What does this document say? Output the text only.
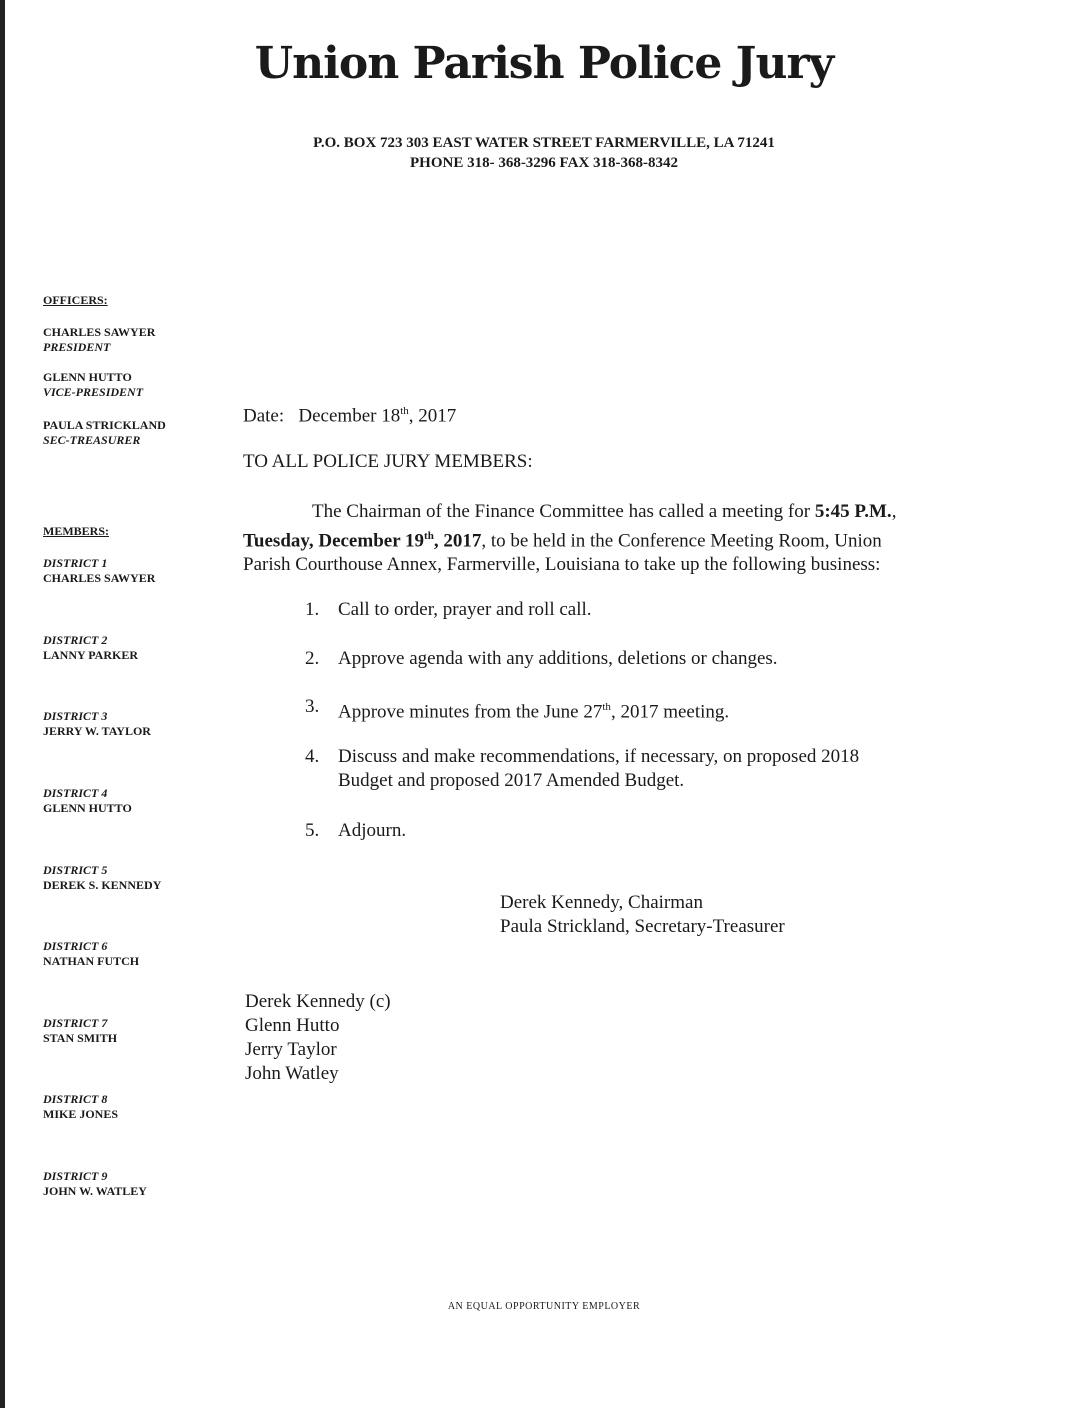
Union Parish Police Jury
P.O. BOX 723 303 EAST WATER STREET FARMERVILLE, LA 71241
PHONE 318- 368-3296 FAX 318-368-8342
OFFICERS:
CHARLES SAWYER
PRESIDENT
GLENN HUTTO
VICE-PRESIDENT
PAULA STRICKLAND
SEC-TREASURER
MEMBERS:
DISTRICT 1
CHARLES SAWYER
DISTRICT 2
LANNY PARKER
DISTRICT 3
JERRY W. TAYLOR
DISTRICT 4
GLENN HUTTO
DISTRICT 5
DEREK S. KENNEDY
DISTRICT 6
NATHAN FUTCH
DISTRICT 7
STAN SMITH
DISTRICT 8
MIKE JONES
DISTRICT 9
JOHN W. WATLEY
Date: December 18th, 2017
TO ALL POLICE JURY MEMBERS:
The Chairman of the Finance Committee has called a meeting for 5:45 P.M.,
Tuesday, December 19th, 2017, to be held in the Conference Meeting Room, Union
Parish Courthouse Annex, Farmerville, Louisiana to take up the following business:
1. Call to order, prayer and roll call.
2. Approve agenda with any additions, deletions or changes.
3. Approve minutes from the June 27th, 2017 meeting.
4. Discuss and make recommendations, if necessary, on proposed 2018
Budget and proposed 2017 Amended Budget.
5. Adjourn.
Derek Kennedy, Chairman
Paula Strickland, Secretary-Treasurer
Derek Kennedy (c)
Glenn Hutto
Jerry Taylor
John Watley
AN EQUAL OPPORTUNITY EMPLOYER
